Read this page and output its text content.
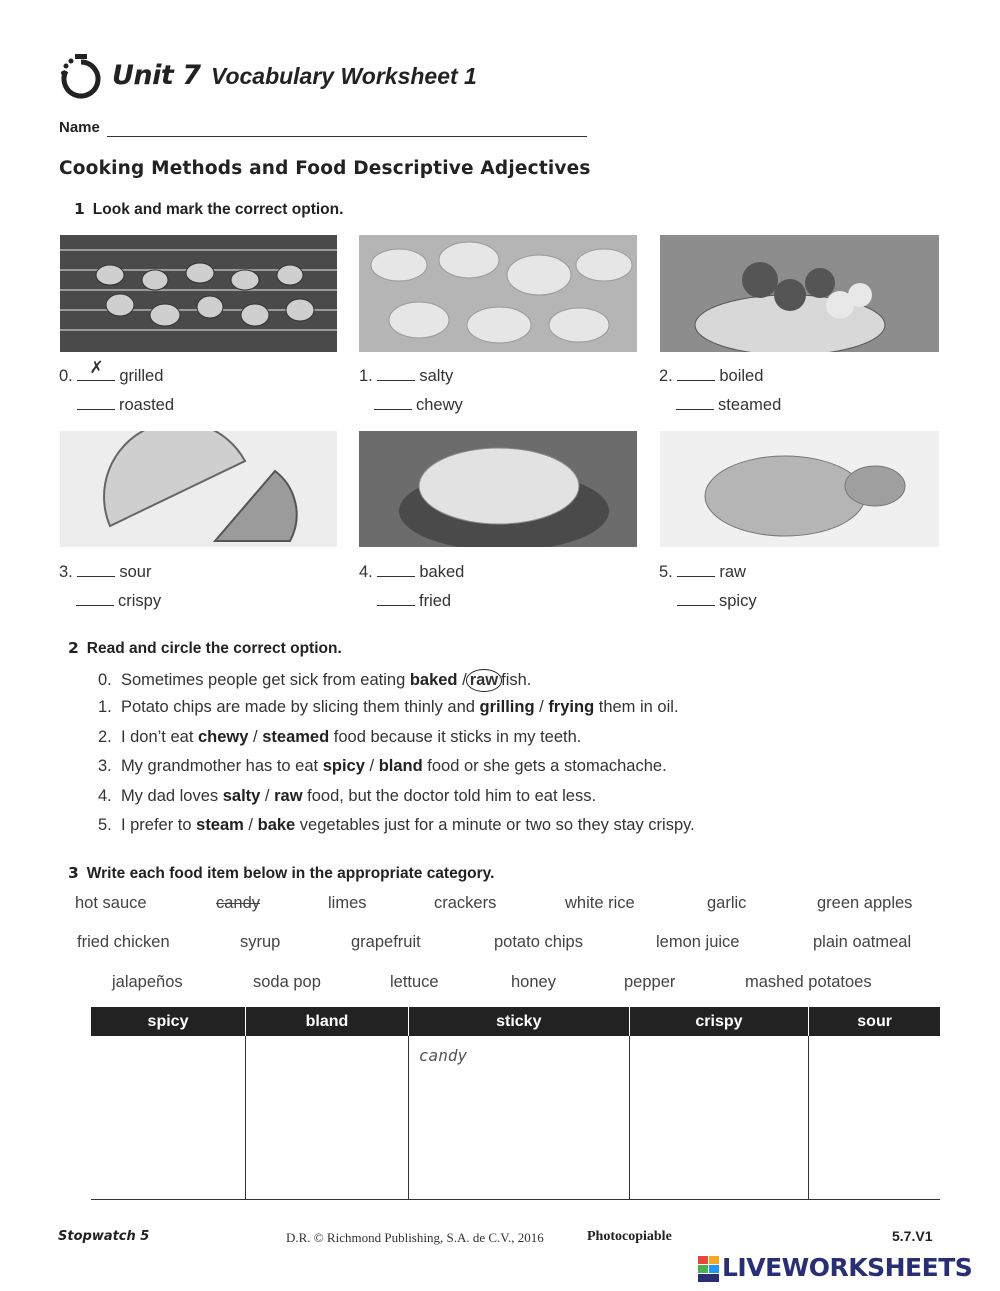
Unit 7 Vocabulary Worksheet 1
Name
Cooking Methods and Food Descriptive Adjectives
1 Look and mark the correct option.
0. ✗ grilled
roasted
1.	salty
chewy
2.	boiled
steamed
3.	sour
crispy
4.	baked
fried
5.	raw
spicy
2 Read and circle the correct option.
0. Sometimes people get sick from eating baked / raw fish.
1. Potato chips are made by slicing them thinly and grilling / frying them in oil.
2. I don’t eat chewy / steamed food because it sticks in my teeth.
3. My grandmother has to eat spicy / bland food or she gets a stomachache.
4. My dad loves salty / raw food, but the doctor told him to eat less.
5. I prefer to steam / bake vegetables just for a minute or two so they stay crispy.
3 Write each food item below in the appropriate category.
hot sauce	candy	limes	crackers	white rice	garlic	green apples
fried chicken	syrup	grapefruit	potato chips	lemon juice	plain oatmeal
jalapeños	soda pop	lettuce	honey	pepper	mashed potatoes
spicy	bland	sticky	crispy	sour

		candy		

Stopwatch 5	D.R. © Richmond Publishing, S.A. de C.V., 2016	Photocopiable	5.7.V1
LIVEWORKSHEETS
